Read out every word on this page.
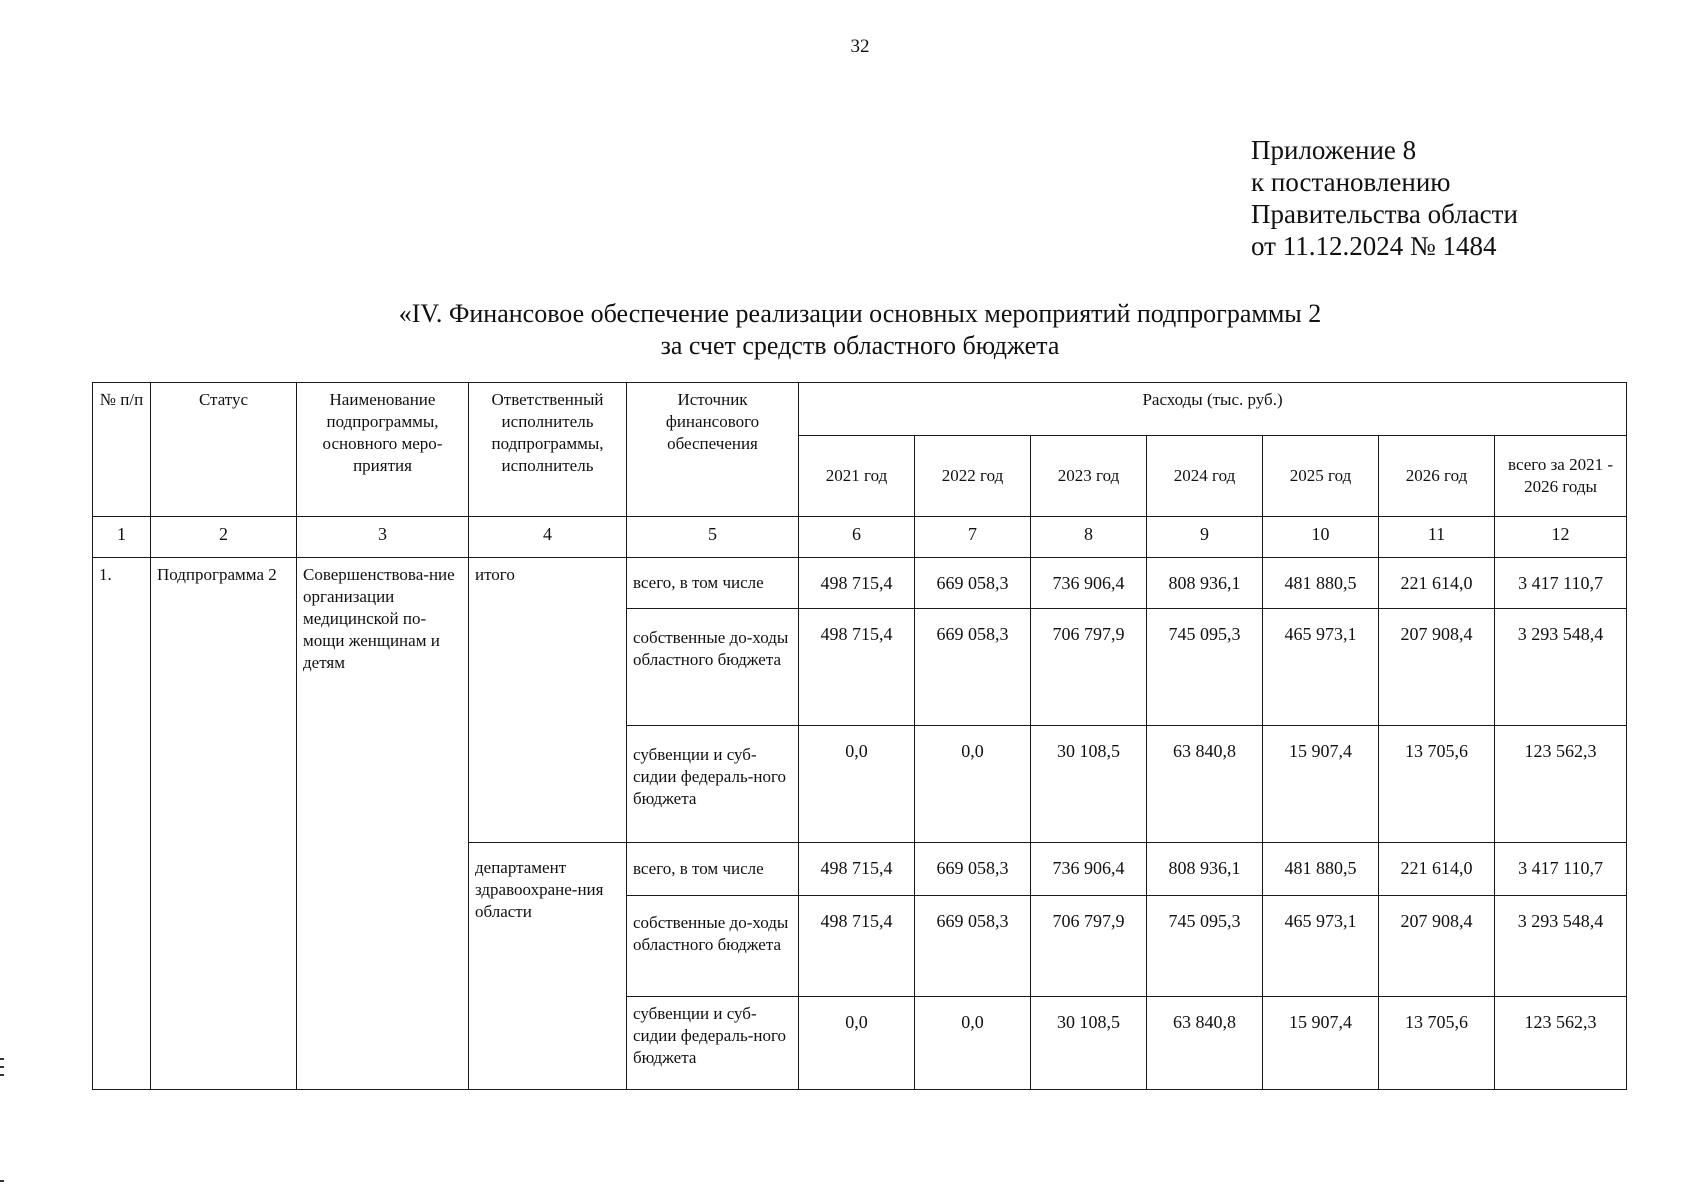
32
Приложение 8
к постановлению
Правительства области
от 11.12.2024 № 1484
«IV. Финансовое обеспечение реализации основных мероприятий подпрограммы 2
за счет средств областного бюджета
№ п/п	Статус	Наименование подпрограммы, основного меро-приятия	Ответственный исполнитель подпрограммы, исполнитель	Источник финансового обеспечения	Расходы (тыс. руб.)						
					2021 год	2022 год	2023 год	2024 год	2025 год	2026 год	всего за 2021 - 2026 годы
1	2	3	4	5	6	7	8	9	10	11	12
1.	Подпрограмма 2	Совершенствова-ние организации медицинской по-мощи женщинам и детям	итого	всего, в том числе	498 715,4	669 058,3	736 906,4	808 936,1	481 880,5	221 614,0	3 417 110,7
				собственные до-ходы областного бюджета	498 715,4	669 058,3	706 797,9	745 095,3	465 973,1	207 908,4	3 293 548,4
				субвенции и суб-сидии федераль-ного бюджета	0,0	0,0	30 108,5	63 840,8	15 907,4	13 705,6	123 562,3
			департамент здравоохране-ния области	всего, в том числе	498 715,4	669 058,3	736 906,4	808 936,1	481 880,5	221 614,0	3 417 110,7
				собственные до-ходы областного бюджета	498 715,4	669 058,3	706 797,9	745 095,3	465 973,1	207 908,4	3 293 548,4
				субвенции и суб-сидии федераль-ного бюджета	0,0	0,0	30 108,5	63 840,8	15 907,4	13 705,6	123 562,3
